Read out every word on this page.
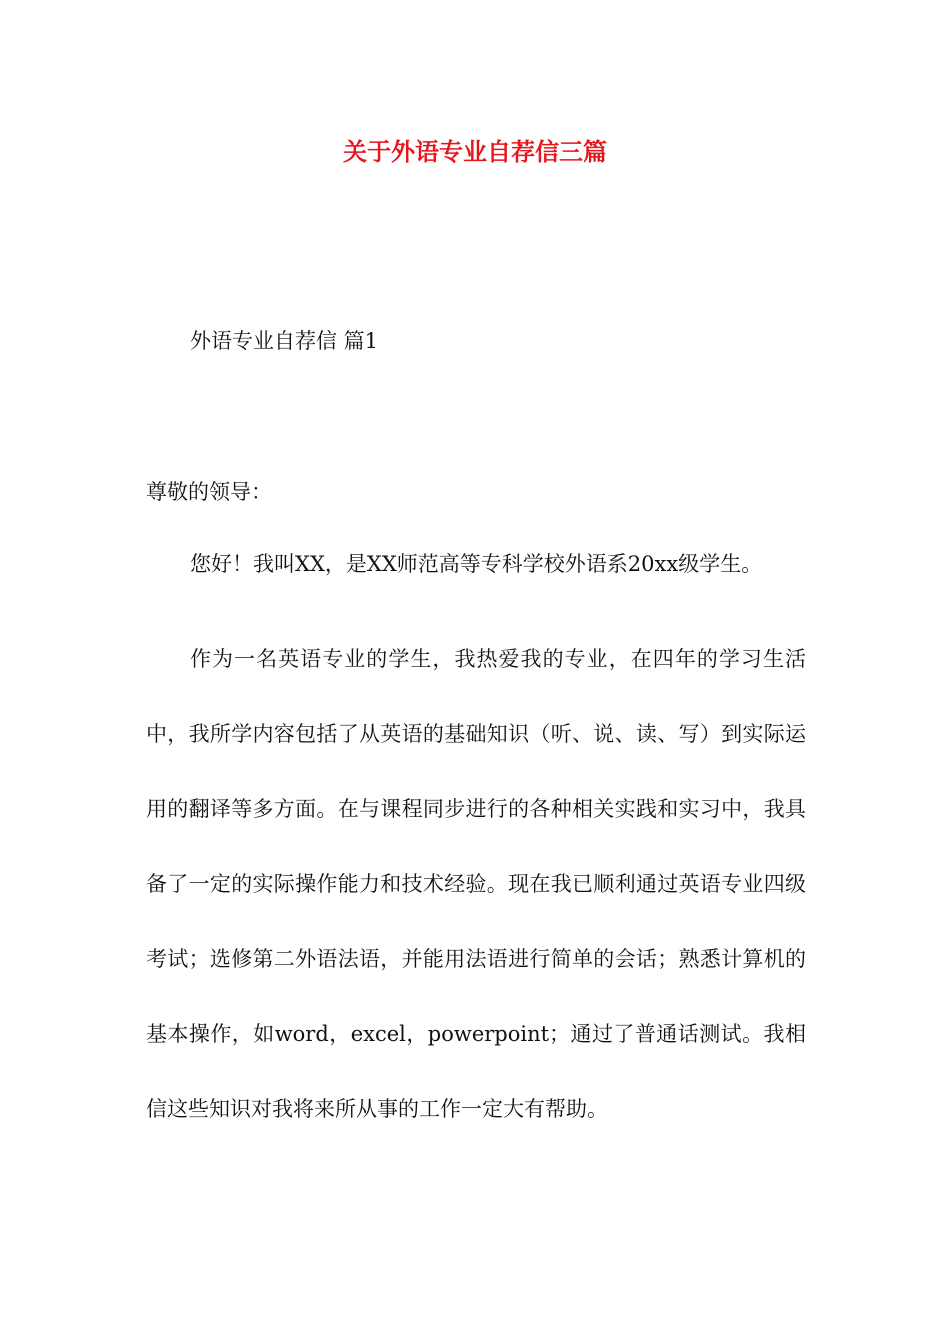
关于外语专业自荐信三篇
外语专业自荐信 篇1
尊敬的领导：
您好！我叫XX，是XX师范高等专科学校外语系20xx级学生。

作为一名英语专业的学生，我热爱我的专业，在四年的学习生活中，我所学内容包括了从英语的基础知识（听、说、读、写）到实际运用的翻译等多方面。在与课程同步进行的各种相关实践和实习中，我具备了一定的实际操作能力和技术经验。现在我已顺利通过英语专业四级考试；选修第二外语法语，并能用法语进行简单的会话；熟悉计算机的基本操作，如word，excel，powerpoint；通过了普通话测试。我相信这些知识对我将来所从事的工作一定大有帮助。
